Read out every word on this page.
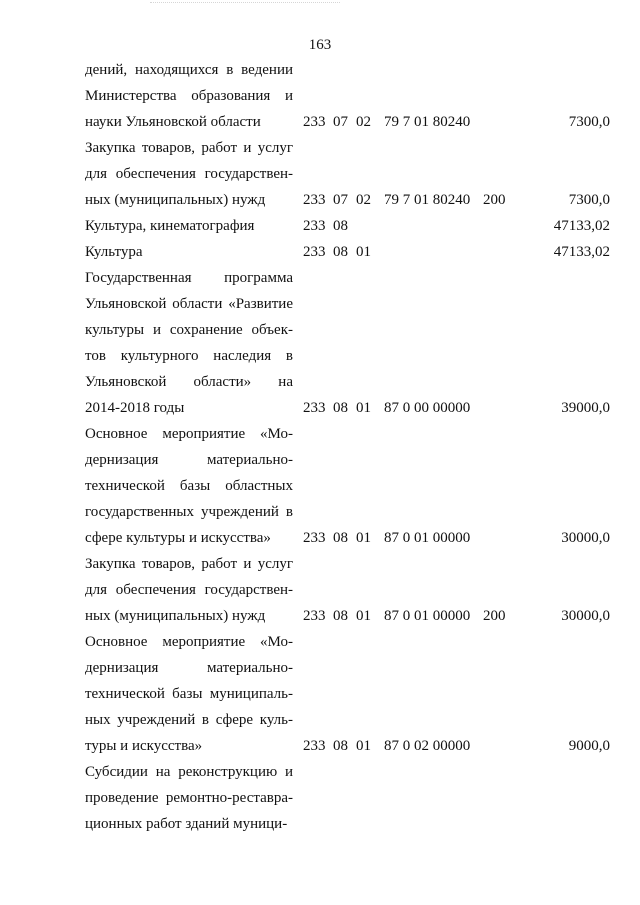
163
дений, находящихся в ведении
Министерства образования и
науки Ульяновской области	233 07 02 79 7 01 80240	7300,0
Закупка товаров, работ и услуг
для обеспечения государствен-
ных (муниципальных) нужд	233 07 02 79 7 01 80240 200	7300,0
Культура, кинематография	233 08	47133,02
Культура	233 08 01	47133,02
Государственная программа
Ульяновской области «Развитие
культуры и сохранение объек-
тов культурного наследия в
Ульяновской области» на
2014-2018 годы	233 08 01 87 0 00 00000	39000,0
Основное мероприятие «Мо-
дернизация материально-
технической базы областных
государственных учреждений в
сфере культуры и искусства»	233 08 01 87 0 01 00000	30000,0
Закупка товаров, работ и услуг
для обеспечения государствен-
ных (муниципальных) нужд	233 08 01 87 0 01 00000 200	30000,0
Основное мероприятие «Мо-
дернизация материально-
технической базы муниципаль-
ных учреждений в сфере куль-
туры и искусства»	233 08 01 87 0 02 00000	9000,0
Субсидии на реконструкцию и
проведение ремонтно-реставра-
ционных работ зданий муници-
